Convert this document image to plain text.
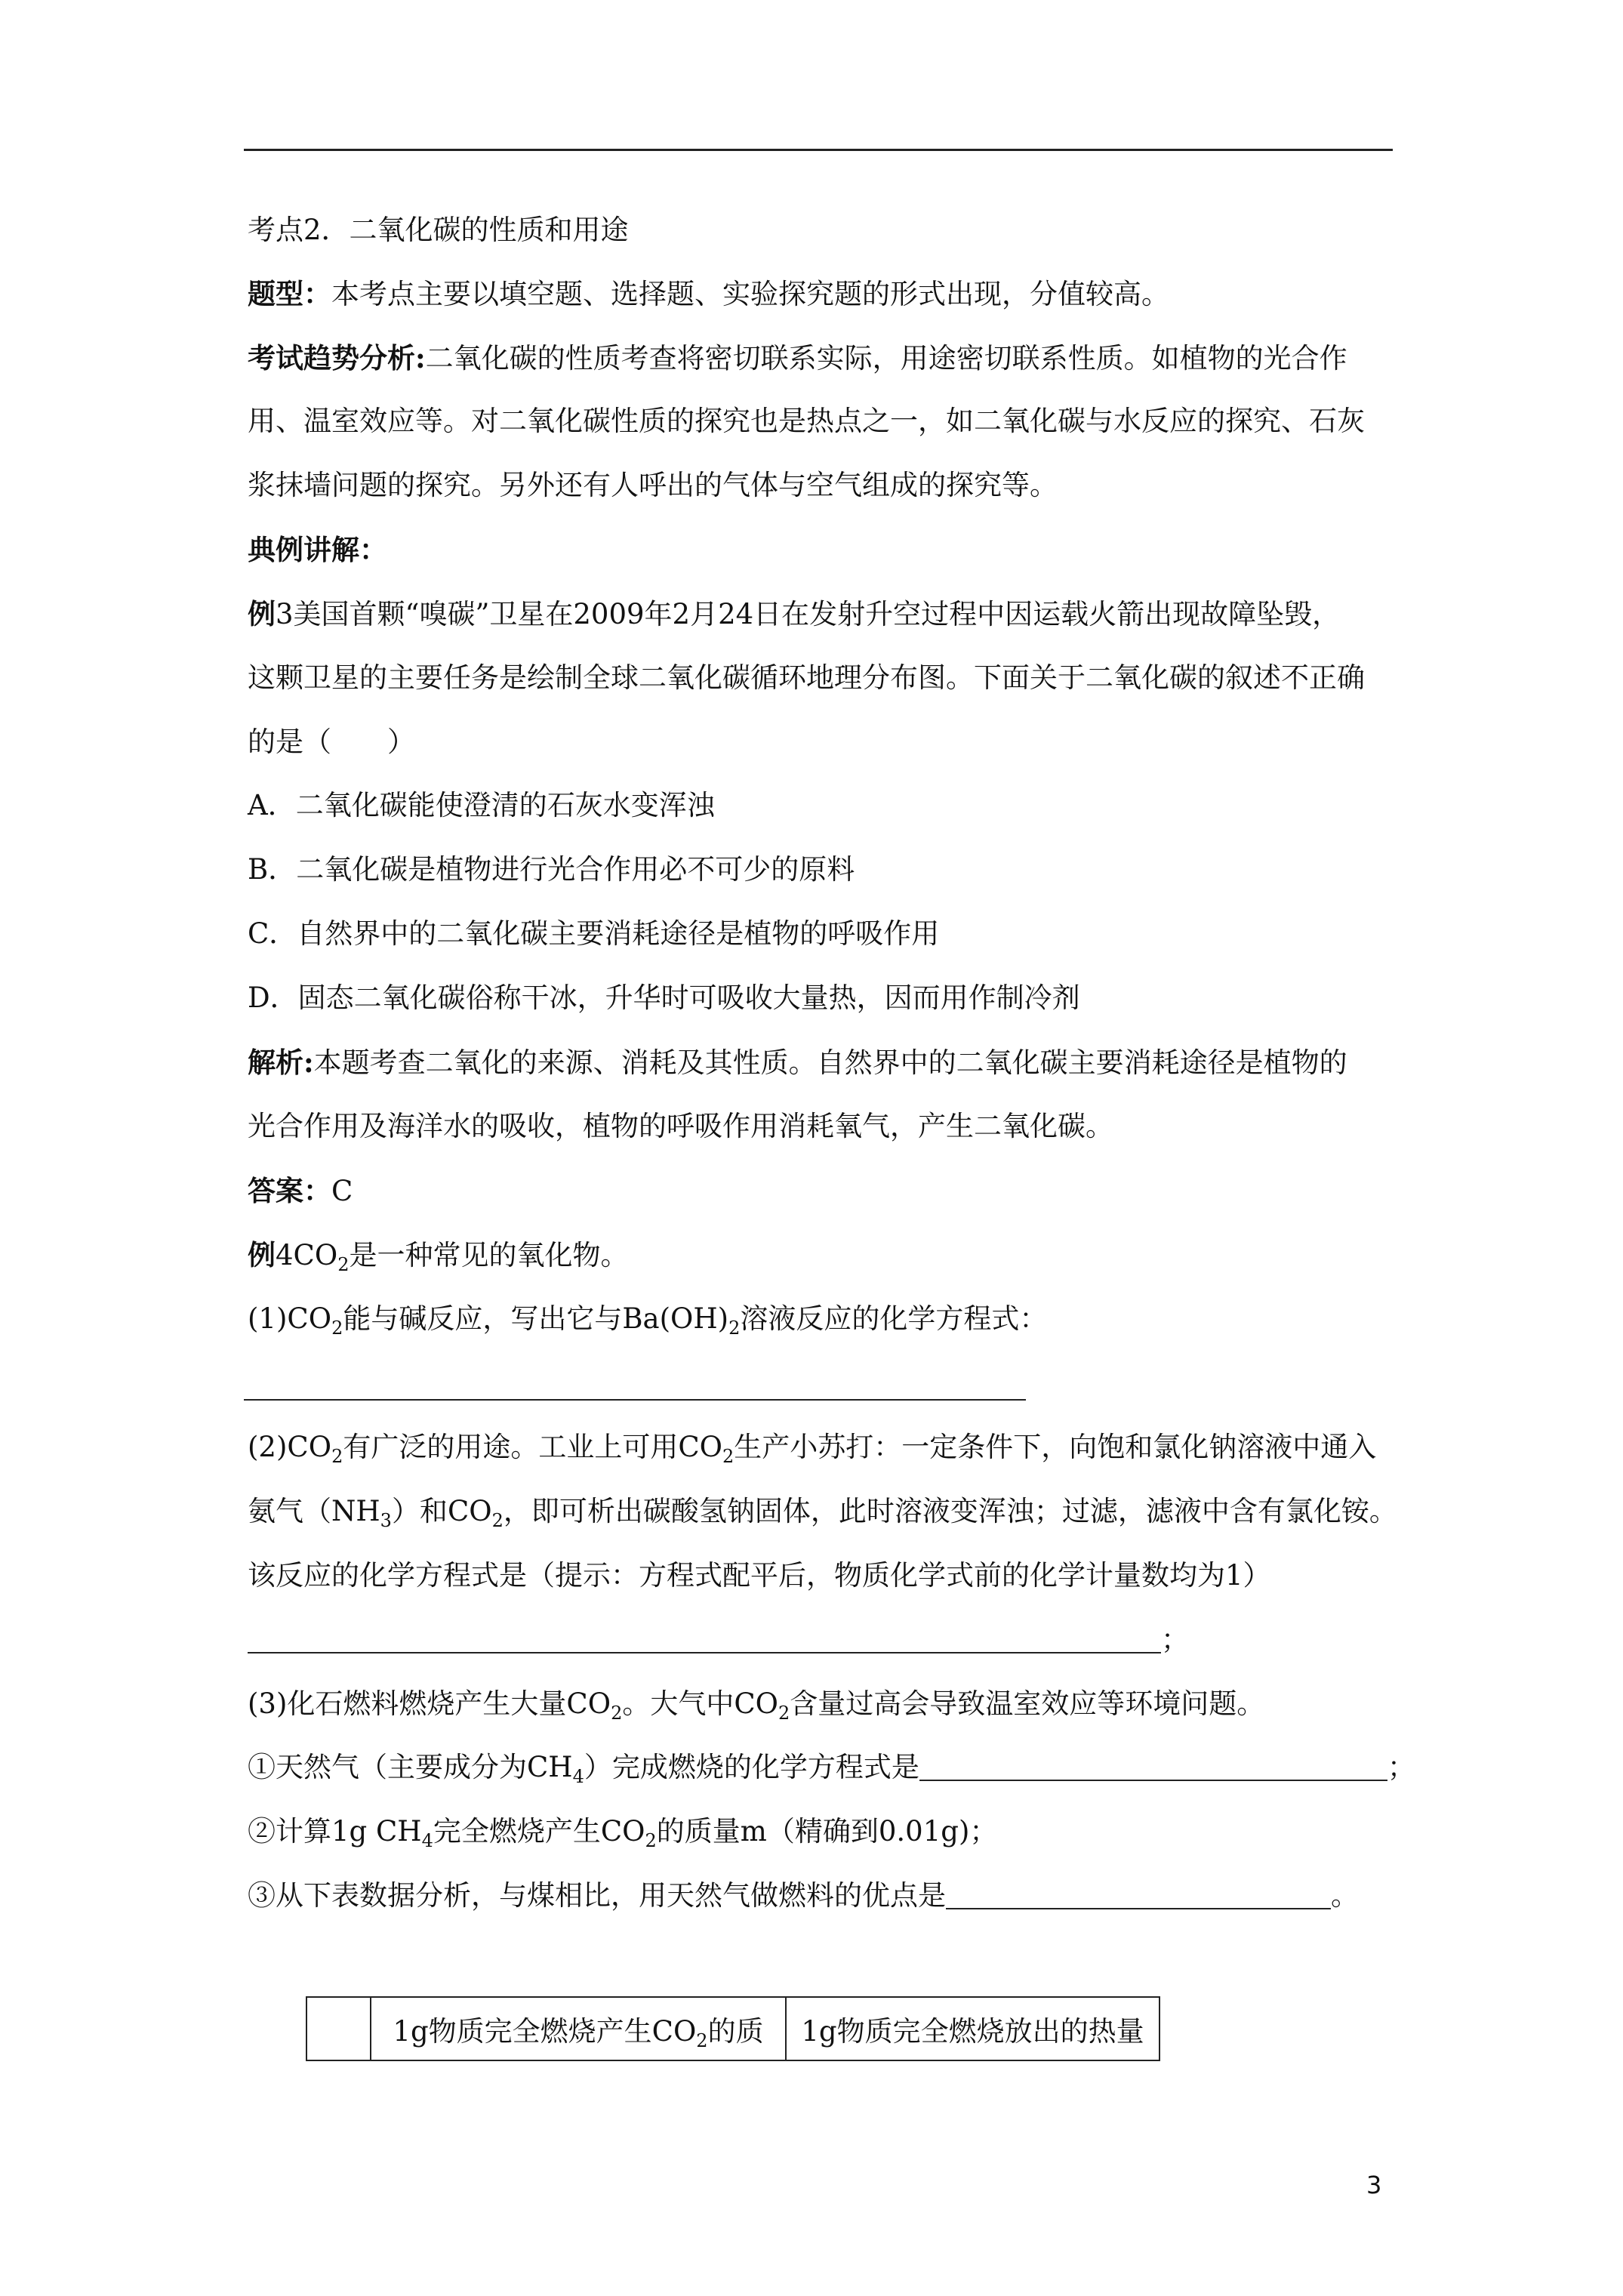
考点2．二氧化碳的性质和用途
题型：本考点主要以填空题、选择题、实验探究题的形式出现，分值较高。
考试趋势分析:二氧化碳的性质考查将密切联系实际，用途密切联系性质。如植物的光合作
用、温室效应等。对二氧化碳性质的探究也是热点之一，如二氧化碳与水反应的探究、石灰
浆抹墙问题的探究。另外还有人呼出的气体与空气组成的探究等。
典例讲解：
例3美国首颗“嗅碳”卫星在2009年2月24日在发射升空过程中因运载火箭出现故障坠毁，
这颗卫星的主要任务是绘制全球二氧化碳循环地理分布图。下面关于二氧化碳的叙述不正确
的是（　　）
A．二氧化碳能使澄清的石灰水变浑浊
B．二氧化碳是植物进行光合作用必不可少的原料
C．自然界中的二氧化碳主要消耗途径是植物的呼吸作用
D．固态二氧化碳俗称干冰，升华时可吸收大量热，因而用作制冷剂
解析:本题考查二氧化的来源、消耗及其性质。自然界中的二氧化碳主要消耗途径是植物的
光合作用及海洋水的吸收，植物的呼吸作用消耗氧气，产生二氧化碳。
答案：C
例$4CO_2$是一种常见的氧化物。
$(1)CO_2$能与碱反应，写出它与$Ba(OH)_2$溶液反应的化学方程式：
$(2)CO_2$有广泛的用途。工业上可用$CO_2$生产小苏打：一定条件下，向饱和氯化钠溶液中通入
氨气$(NH_3)$和$CO_2$，即可析出碳酸氢钠固体，此时溶液变浑浊；过滤，滤液中含有氯化铵。
该反应的化学方程式是（提示：方程式配平后，物质化学式前的化学计量数均为1）
；
(3)化石燃料燃烧产生大量$CO_2$。大气中$CO_2$含量过高会导致温室效应等环境问题。
①天然气（主要成分为$CH_4$）完成燃烧的化学方程式是	；
②计算1g $CH_4$完全燃烧产生$CO_2$的质量m（精确到0.01g)；
③从下表数据分析，与煤相比，用天然气做燃料的优点是	。
	1g物质完全燃烧产生$CO_2$的质	1g物质完全燃烧放出的热量
3
